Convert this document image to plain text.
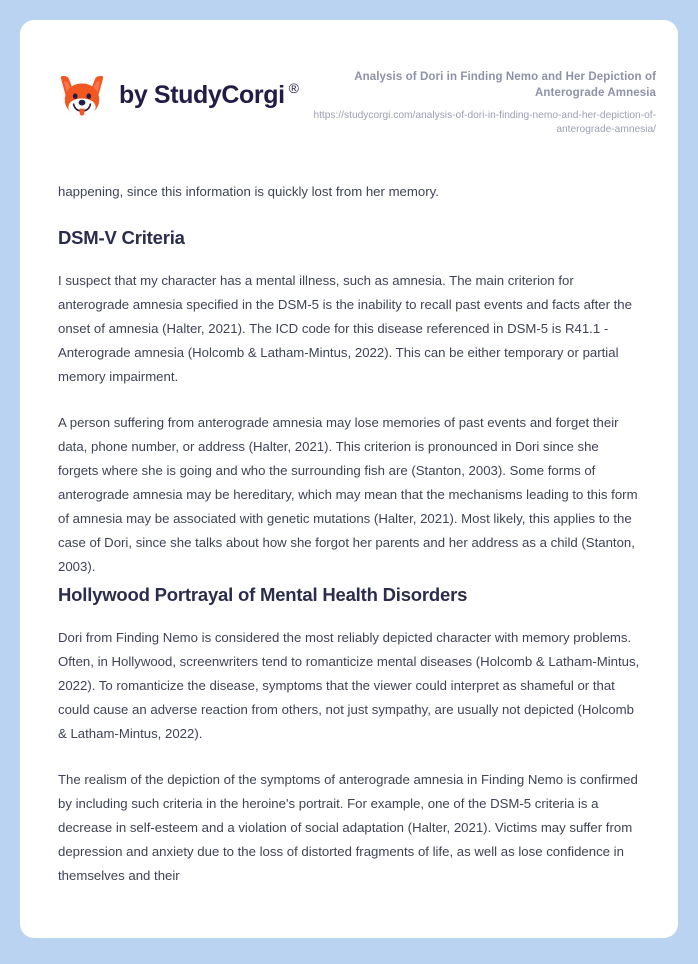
by StudyCorgi ®
Analysis of Dori in Finding Nemo and Her Depiction of Anterograde Amnesia
https://studycorgi.com/analysis-of-dori-in-finding-nemo-and-her-depiction-of-anterograde-amnesia/

happening, since this information is quickly lost from her memory.

DSM-V Criteria

I suspect that my character has a mental illness, such as amnesia. The main criterion for anterograde amnesia specified in the DSM-5 is the inability to recall past events and facts after the onset of amnesia (Halter, 2021). The ICD code for this disease referenced in DSM-5 is R41.1 - Anterograde amnesia (Holcomb & Latham-Mintus, 2022). This can be either temporary or partial memory impairment.

A person suffering from anterograde amnesia may lose memories of past events and forget their data, phone number, or address (Halter, 2021). This criterion is pronounced in Dori since she forgets where she is going and who the surrounding fish are (Stanton, 2003). Some forms of anterograde amnesia may be hereditary, which may mean that the mechanisms leading to this form of amnesia may be associated with genetic mutations (Halter, 2021). Most likely, this applies to the case of Dori, since she talks about how she forgot her parents and her address as a child (Stanton, 2003).

Hollywood Portrayal of Mental Health Disorders

Dori from Finding Nemo is considered the most reliably depicted character with memory problems. Often, in Hollywood, screenwriters tend to romanticize mental diseases (Holcomb & Latham-Mintus, 2022). To romanticize the disease, symptoms that the viewer could interpret as shameful or that could cause an adverse reaction from others, not just sympathy, are usually not depicted (Holcomb & Latham-Mintus, 2022).

The realism of the depiction of the symptoms of anterograde amnesia in Finding Nemo is confirmed by including such criteria in the heroine's portrait. For example, one of the DSM-5 criteria is a decrease in self-esteem and a violation of social adaptation (Halter, 2021). Victims may suffer from depression and anxiety due to the loss of distorted fragments of life, as well as lose confidence in themselves and their
